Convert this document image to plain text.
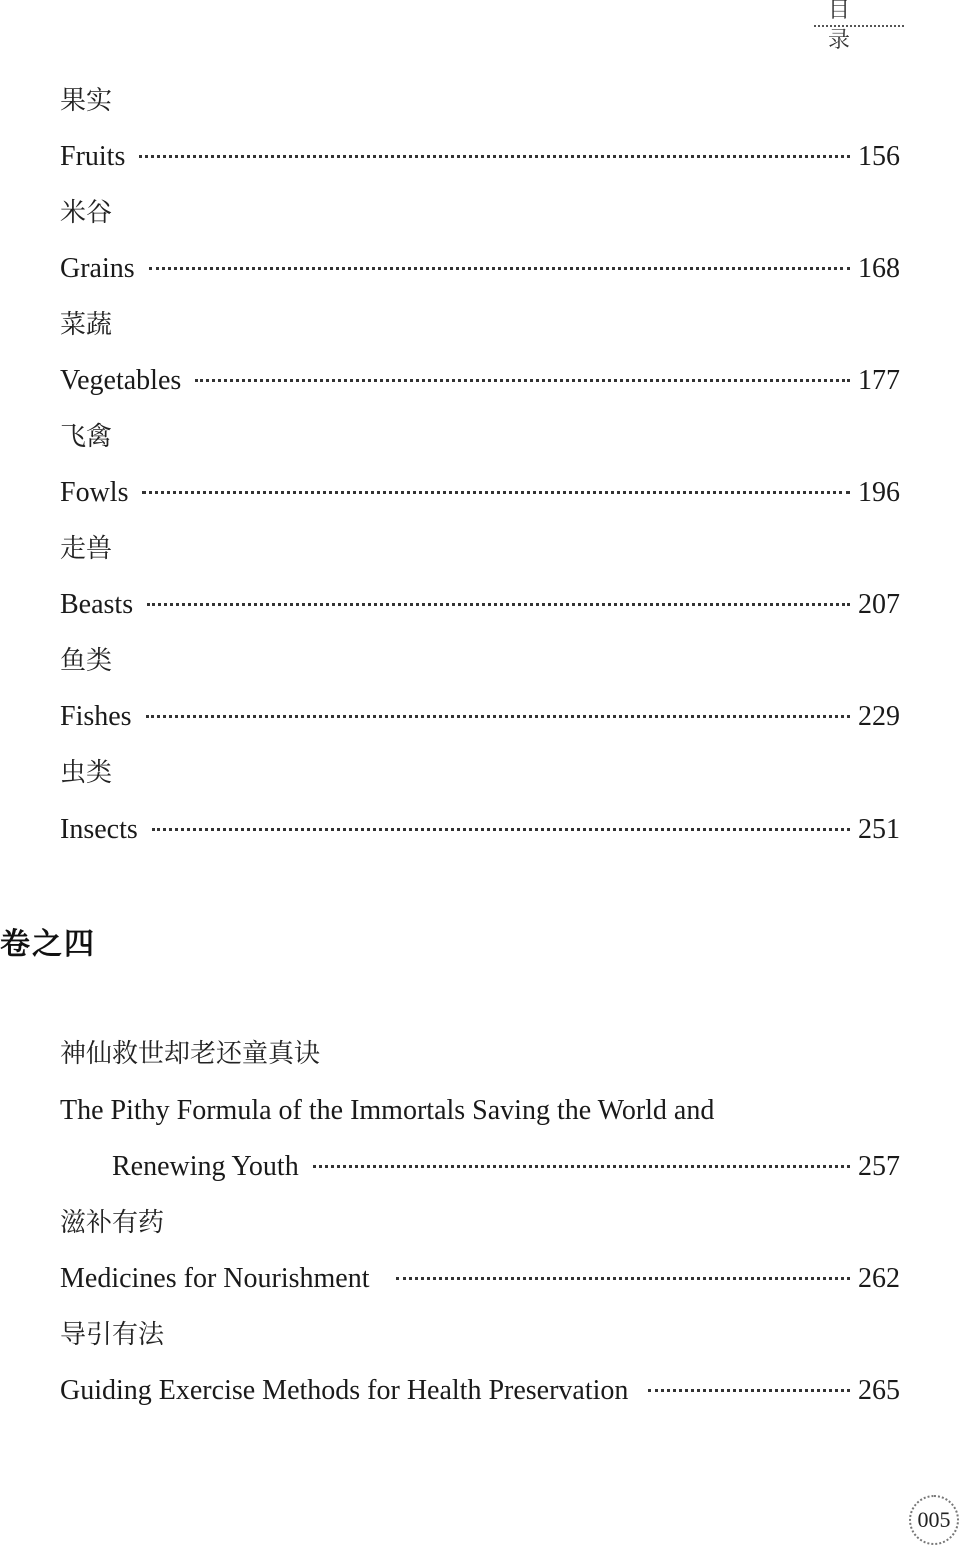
目 录
果实
Fruits	156
米谷
Grains	168
菜蔬
Vegetables	177
飞禽
Fowls	196
走兽
Beasts	207
鱼类
Fishes	229
虫类
Insects	251
卷之四
神仙救世却老还童真诀
The Pithy Formula of the Immortals Saving the World and
Renewing Youth	257
滋补有药
Medicines for Nourishment	262
导引有法
Guiding Exercise Methods for Health Preservation	265
005
